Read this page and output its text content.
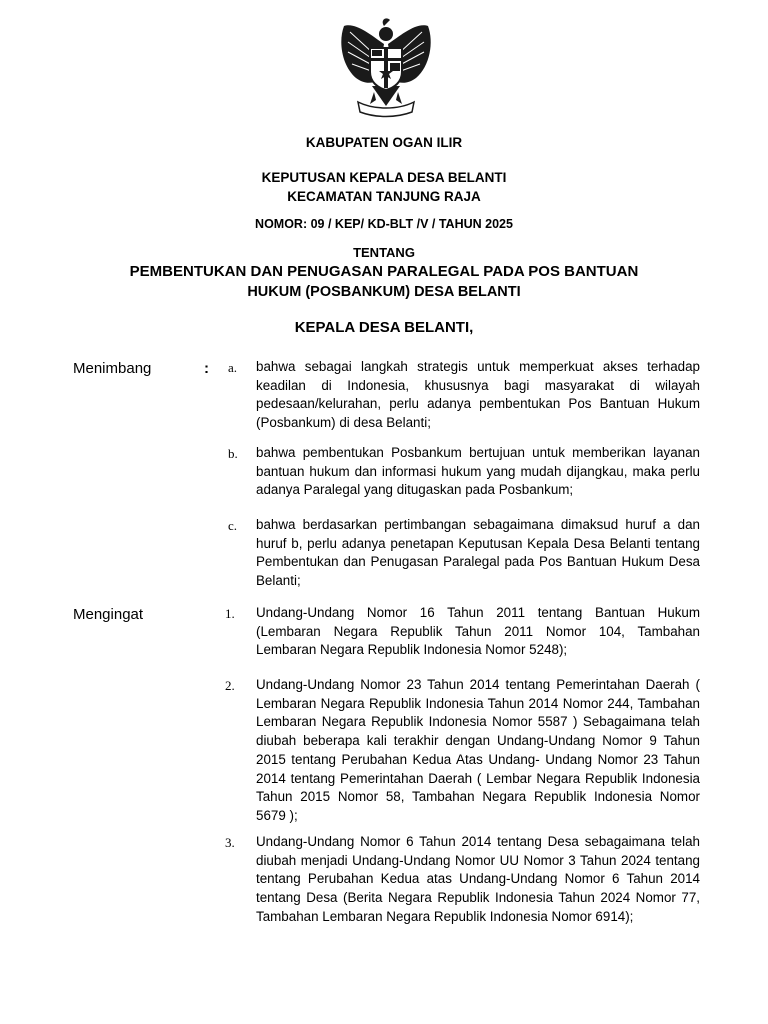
KABUPATEN OGAN ILIR
KEPUTUSAN KEPALA DESA BELANTI
KECAMATAN TANJUNG RAJA
NOMOR: 09 / KEP/ KD-BLT /V / TAHUN 2025
TENTANG
PEMBENTUKAN DAN PENUGASAN PARALEGAL PADA POS BANTUAN
HUKUM (POSBANKUM) DESA BELANTI
KEPALA DESA BELANTI,
Menimbang	: a. bahwa sebagai langkah strategis untuk memperkuat akses terhadap keadilan di Indonesia, khususnya bagi masyarakat di wilayah pedesaan/kelurahan, perlu adanya pembentukan Pos Bantuan Hukum (Posbankum) di desa Belanti;
b. bahwa pembentukan Posbankum bertujuan untuk memberikan layanan bantuan hukum dan informasi hukum yang mudah dijangkau, maka perlu adanya Paralegal yang ditugaskan pada Posbankum;
c. bahwa berdasarkan pertimbangan sebagaimana dimaksud huruf a dan huruf b, perlu adanya penetapan Keputusan Kepala Desa Belanti tentang Pembentukan dan Penugasan Paralegal pada Pos Bantuan Hukum Desa Belanti;
Mengingat	1. Undang-Undang Nomor 16 Tahun 2011 tentang Bantuan Hukum (Lembaran Negara Republik Tahun 2011 Nomor 104, Tambahan Lembaran Negara Republik Indonesia Nomor 5248);
2. Undang-Undang Nomor 23 Tahun 2014 tentang Pemerintahan Daerah ( Lembaran Negara Republik Indonesia Tahun 2014 Nomor 244, Tambahan Lembaran Negara Republik Indonesia Nomor 5587 ) Sebagaimana telah diubah beberapa kali terakhir dengan Undang-Undang Nomor 9 Tahun 2015 tentang Perubahan Kedua Atas Undang- Undang Nomor 23 Tahun 2014 tentang Pemerintahan Daerah ( Lembar Negara Republik Indonesia Tahun 2015 Nomor 58, Tambahan Negara Republik Indonesia Nomor 5679 );
3. Undang-Undang Nomor 6 Tahun 2014 tentang Desa sebagaimana telah diubah menjadi Undang-Undang Nomor UU Nomor 3 Tahun 2024 tentang tentang Perubahan Kedua atas Undang-Undang Nomor 6 Tahun 2014 tentang Desa (Berita Negara Republik Indonesia Tahun 2024 Nomor 77, Tambahan Lembaran Negara Republik Indonesia Nomor 6914);
